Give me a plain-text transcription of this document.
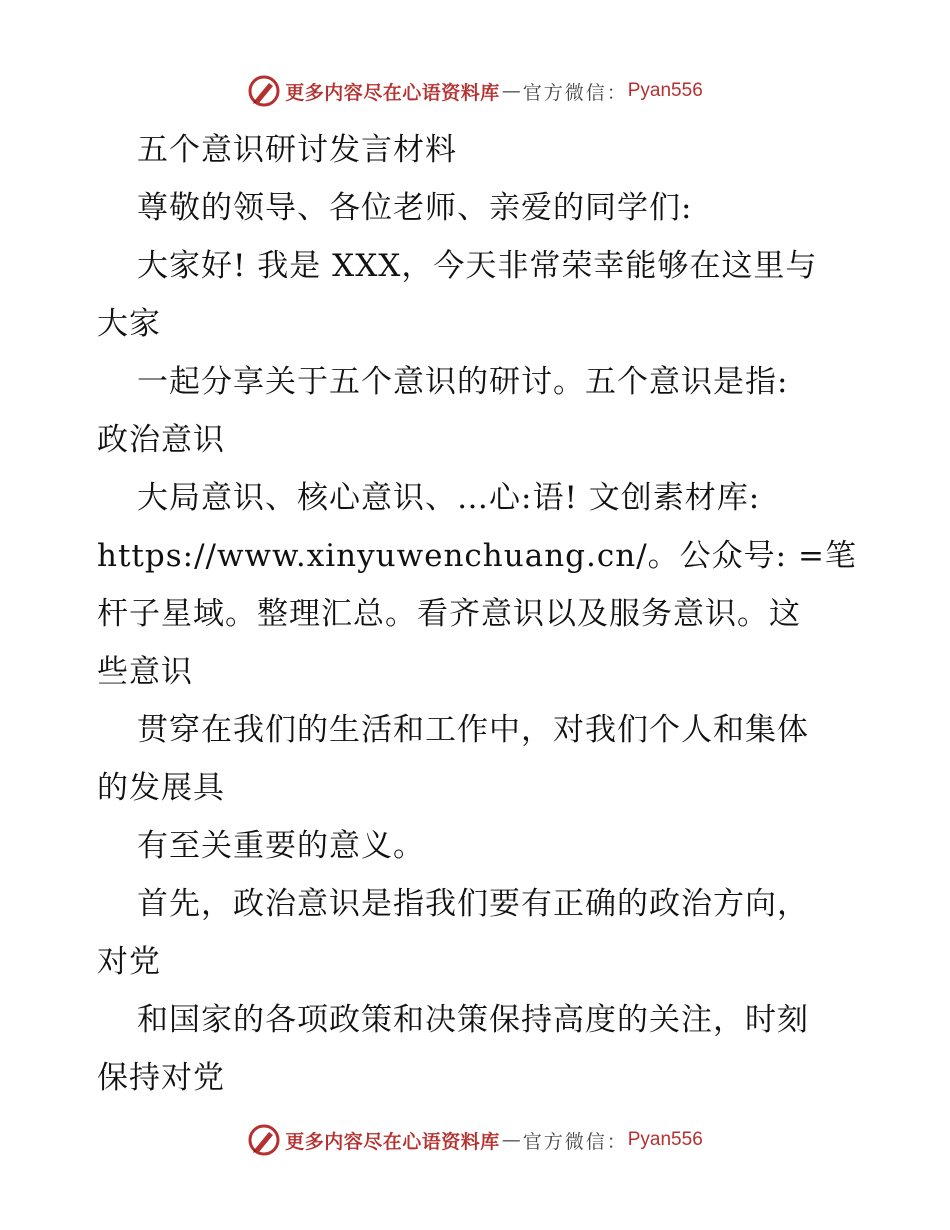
更多内容尽在心语资料库 — 官方微信： Pyan556
五个意识研讨发言材料
尊敬的领导、各位老师、亲爱的同学们:
大家好! 我是 XXX，今天非常荣幸能够在这里与
大家
一起分享关于五个意识的研讨。五个意识是指:
政治意识
大局意识、核心意识、…心:语! 文创素材库:
https://www.xinyuwenchuang.cn/。公众号: =笔
杆子星域。整理汇总。看齐意识以及服务意识。这
些意识
贯穿在我们的生活和工作中，对我们个人和集体
的发展具
有至关重要的意义。
首先，政治意识是指我们要有正确的政治方向，
对党
和国家的各项政策和决策保持高度的关注，时刻
保持对党
更多内容尽在心语资料库 — 官方微信： Pyan556
